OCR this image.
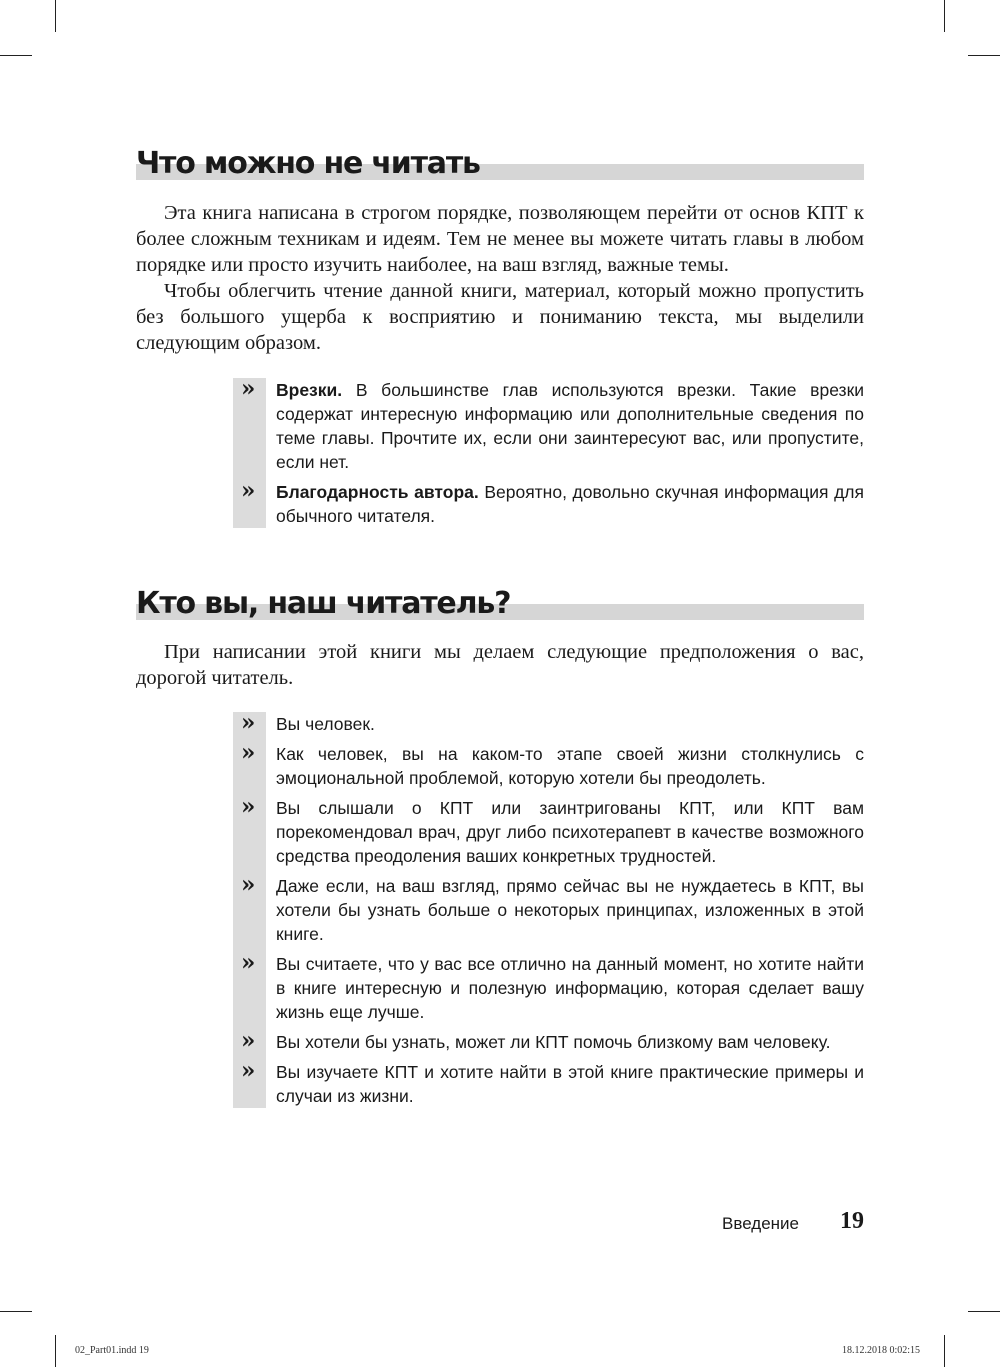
Что можно не читать

Эта книга написана в строгом порядке, позволяющем перейти от основ КПТ к более сложным техникам и идеям. Тем не менее вы можете читать главы в любом порядке или просто изучить наиболее, на ваш взгляд, важные темы.

Чтобы облегчить чтение данной книги, материал, который можно пропустить без большого ущерба к восприятию и пониманию текста, мы выделили следующим образом.

» Врезки. В большинстве глав используются врезки. Такие врезки содержат интересную информацию или дополнительные сведения по теме главы. Прочтите их, если они заинтересуют вас, или пропустите, если нет.
» Благодарность автора. Вероятно, довольно скучная информация для обычного читателя.
Кто вы, наш читатель?

При написании этой книги мы делаем следующие предположения о вас, дорогой читатель.

» Вы человек.
» Как человек, вы на каком-то этапе своей жизни столкнулись с эмоциональной проблемой, которую хотели бы преодолеть.
» Вы слышали о КПТ или заинтригованы КПТ, или КПТ вам порекомендовал врач, друг либо психотерапевт в качестве возможного средства преодоления ваших конкретных трудностей.
» Даже если, на ваш взгляд, прямо сейчас вы не нуждаетесь в КПТ, вы хотели бы узнать больше о некоторых принципах, изложенных в этой книге.
» Вы считаете, что у вас все отлично на данный момент, но хотите найти в книге интересную и полезную информацию, которая сделает вашу жизнь еще лучше.
» Вы хотели бы узнать, может ли КПТ помочь близкому вам человеку.
» Вы изучаете КПТ и хотите найти в этой книге практические примеры и случаи из жизни.
Введение 19
02_Part01.indd 19	18.12.2018 0:02:15
